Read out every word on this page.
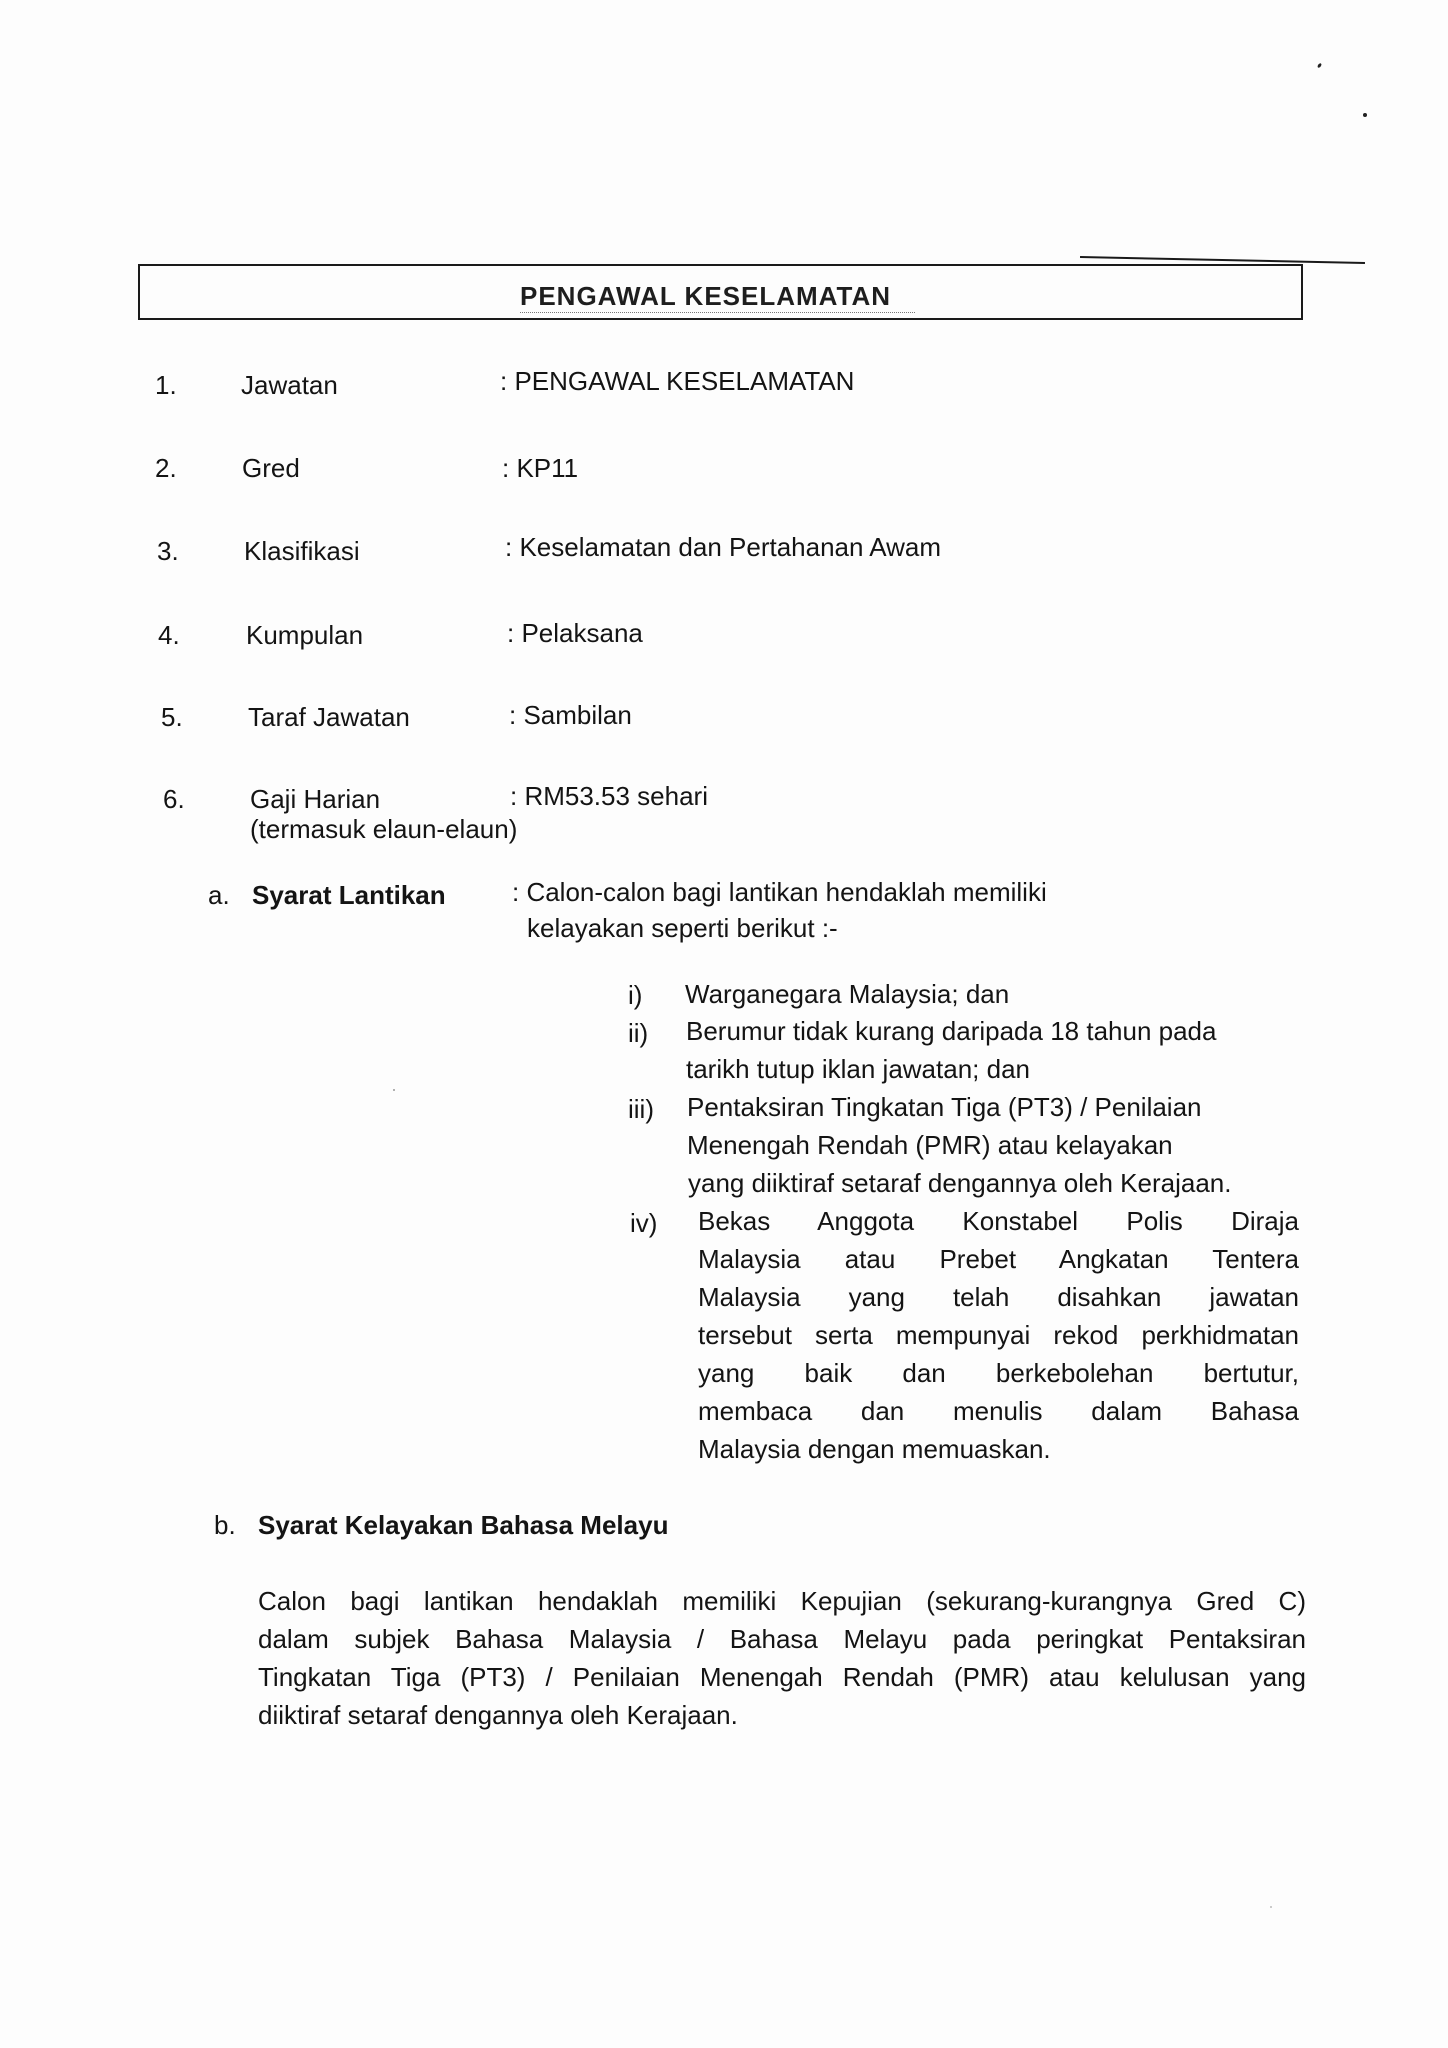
PENGAWAL KESELAMATAN
1. Jawatan	: PENGAWAL KESELAMATAN
2.	Gred	: KP11
3.	Klasifikasi	: Keselamatan dan Pertahanan Awam
4.	Kumpulan	: Pelaksana
5.	Taraf Jawatan	: Sambilan
6.	Gaji Harian
(termasuk elaun-elaun)
: RM53.53 sehari
a. Syarat Lantikan	: Calon-calon bagi lantikan hendaklah memiliki
kelayakan seperti berikut :-
i) Warganegara Malaysia; dan
ii) Berumur tidak kurang daripada 18 tahun pada
tarikh tutup iklan jawatan; dan
iii) Pentaksiran Tingkatan Tiga (PT3) / Penilaian
Menengah Rendah (PMR) atau kelayakan
yang diiktiraf setaraf dengannya oleh Kerajaan.
iv) Bekas Anggota Konstabel Polis Diraja
Malaysia atau Prebet Angkatan Tentera
Malaysia yang telah disahkan jawatan
tersebut serta mempunyai rekod perkhidmatan
yang baik dan berkebolehan bertutur,
membaca dan menulis dalam Bahasa
Malaysia dengan memuaskan.
b. Syarat Kelayakan Bahasa Melayu
Calon bagi lantikan hendaklah memiliki Kepujian (sekurang-kurangnya Gred C)
dalam subjek Bahasa Malaysia / Bahasa Melayu pada peringkat Pentaksiran
Tingkatan Tiga (PT3) / Penilaian Menengah Rendah (PMR) atau kelulusan yang
diiktiraf setaraf dengannya oleh Kerajaan.
